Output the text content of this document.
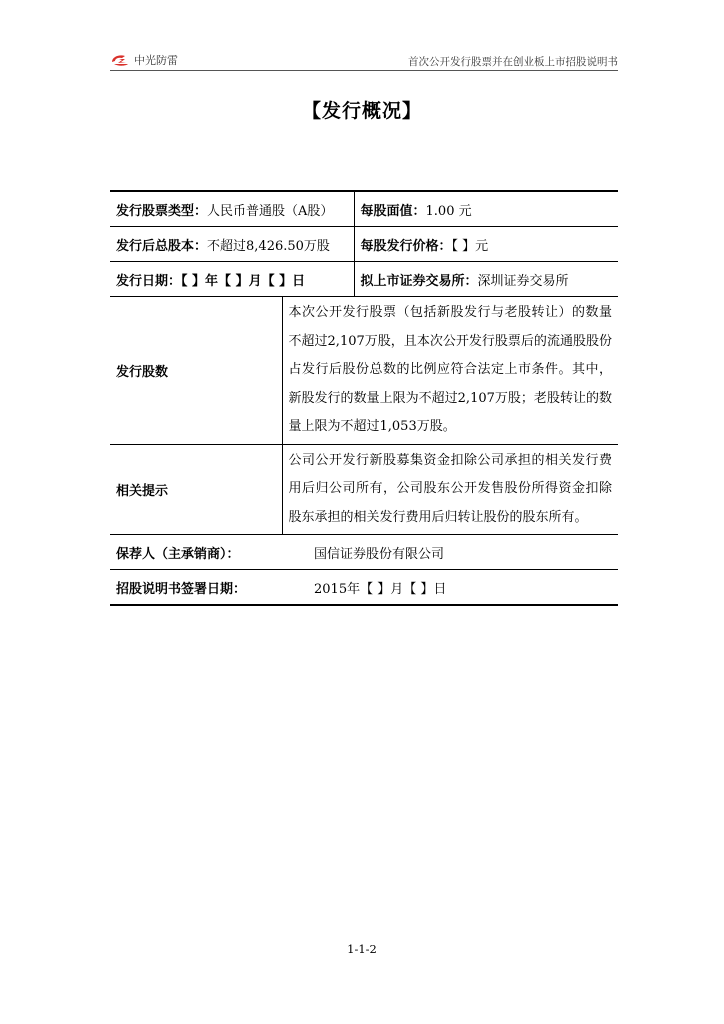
中光防雷	首次公开发行股票并在创业板上市招股说明书
【发行概况】
发行股票类型：人民币普通股（A股）		每股面值：1.00 元
发行后总股本：不超过8,426.50万股		每股发行价格：【 】元
发行日期：【 】年【 】月【 】日		拟上市证券交易所：深圳证券交易所
发行股数	本次公开发行股票（包括新股发行与老股转让）的数量不超过2,107万股，且本次公开发行股票后的流通股股份占发行后股份总数的比例应符合法定上市条件。其中，新股发行的数量上限为不超过2,107万股；老股转让的数量上限为不超过1,053万股。	

相关提示	公司公开发行新股募集资金扣除公司承担的相关发行费用后归公司所有，公司股东公开发售股份所得资金扣除股东承担的相关发行费用后归转让股份的股东所有。	

保荐人（主承销商）：	国信证券股份有限公司	
招股说明书签署日期：	2015年【 】月【 】日	
1-1-2
